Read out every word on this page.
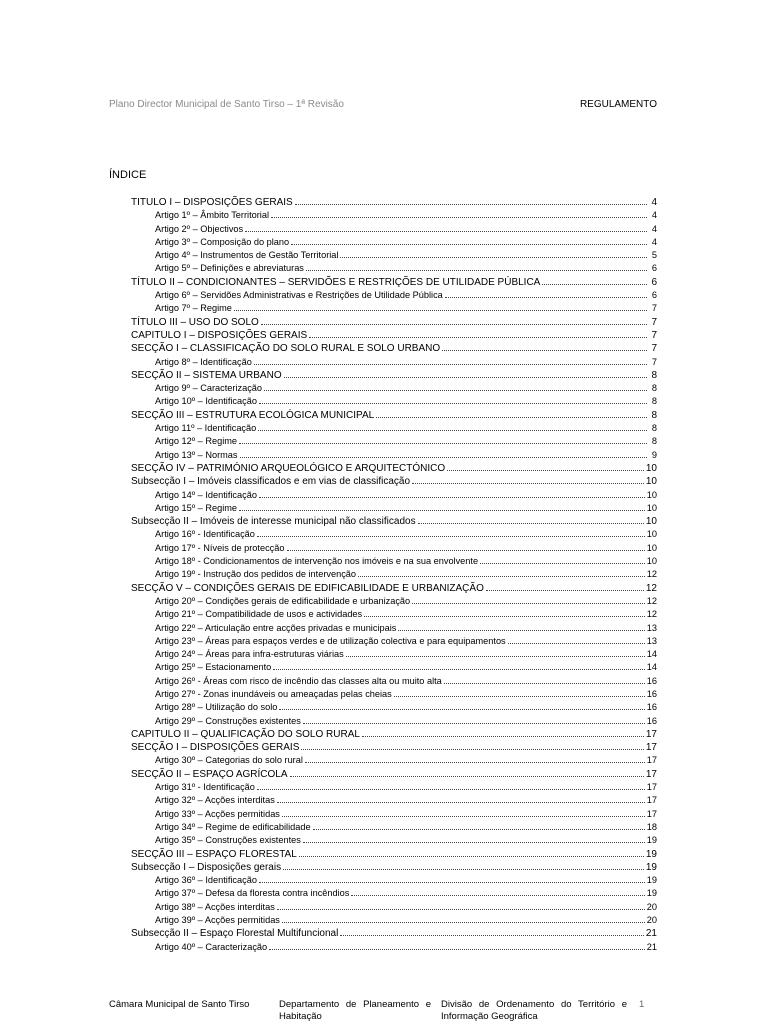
Plano Director Municipal de Santo Tirso – 1ª Revisão	REGULAMENTO
ÍNDICE
TITULO I – DISPOSIÇÕES GERAIS	4
Artigo 1º – Âmbito Territorial	4
Artigo 2º – Objectivos	4
Artigo 3º – Composição do plano	4
Artigo 4º – Instrumentos de Gestão Territorial	5
Artigo 5º – Definições e abreviaturas	6
TÍTULO II – CONDICIONANTES – SERVIDÕES E RESTRIÇÕES DE UTILIDADE PÚBLICA	6
Artigo 6º – Servidões Administrativas e Restrições de Utilidade Pública	6
Artigo 7º – Regime	7
TÍTULO III – USO DO SOLO	7
CAPITULO I – DISPOSIÇÕES GERAIS	7
SECÇÃO I – CLASSIFICAÇÃO DO SOLO RURAL E SOLO URBANO	7
Artigo 8º – Identificação	7
SECÇÃO II – SISTEMA URBANO	8
Artigo 9º – Caracterização	8
Artigo 10º – Identificação	8
SECÇÃO III – ESTRUTURA ECOLÓGICA MUNICIPAL	8
Artigo 11º – Identificação	8
Artigo 12º – Regime	8
Artigo 13º – Normas	9
SECÇÃO IV – PATRIMÓNIO ARQUEOLÓGICO E ARQUITECTÓNICO	10
Subsecção I – Imóveis classificados e em vias de classificação	10
Artigo 14º – Identificação	10
Artigo 15º – Regime	10
Subsecção II – Imóveis de interesse municipal não classificados	10
Artigo 16º - Identificação	10
Artigo 17º - Níveis de protecção	10
Artigo 18º - Condicionamentos de intervenção nos imóveis e na sua envolvente	10
Artigo 19º - Instrução dos pedidos de intervenção	12
SECÇÃO V – CONDIÇÕES GERAIS DE EDIFICABILIDADE E URBANIZAÇÃO	12
Artigo 20º – Condições gerais de edificabilidade e urbanização	12
Artigo 21º – Compatibilidade de usos e actividades	12
Artigo 22º – Articulação entre acções privadas e municipais	13
Artigo 23º – Áreas para espaços verdes e de utilização colectiva e para equipamentos	13
Artigo 24º – Áreas para infra-estruturas viárias	14
Artigo 25º – Estacionamento	14
Artigo 26º - Áreas com risco de incêndio das classes alta ou muito alta	16
Artigo 27º - Zonas inundáveis ou ameaçadas pelas cheias	16
Artigo 28º – Utilização do solo	16
Artigo 29º – Construções existentes	16
CAPITULO II – QUALIFICAÇÃO DO SOLO RURAL	17
SECÇÃO I – DISPOSIÇÕES GERAIS	17
Artigo 30º – Categorias do solo rural	17
SECÇÃO II – ESPAÇO AGRÍCOLA	17
Artigo 31º - Identificação	17
Artigo 32º – Acções interditas	17
Artigo 33º – Acções permitidas	17
Artigo 34º – Regime de edificabilidade	18
Artigo 35º – Construções existentes	19
SECÇÃO III – ESPAÇO FLORESTAL	19
Subsecção I – Disposições gerais	19
Artigo 36º – Identificação	19
Artigo 37º – Defesa da floresta contra incêndios	19
Artigo 38º – Acções interditas	20
Artigo 39º – Acções permitidas	20
Subsecção II – Espaço Florestal Multifuncional	21
Artigo 40º – Caracterização	21
Câmara Municipal de Santo Tirso	Departamento de Planeamento e Habitação
Divisão de Ordenamento do Território e Informação Geográfica
1
